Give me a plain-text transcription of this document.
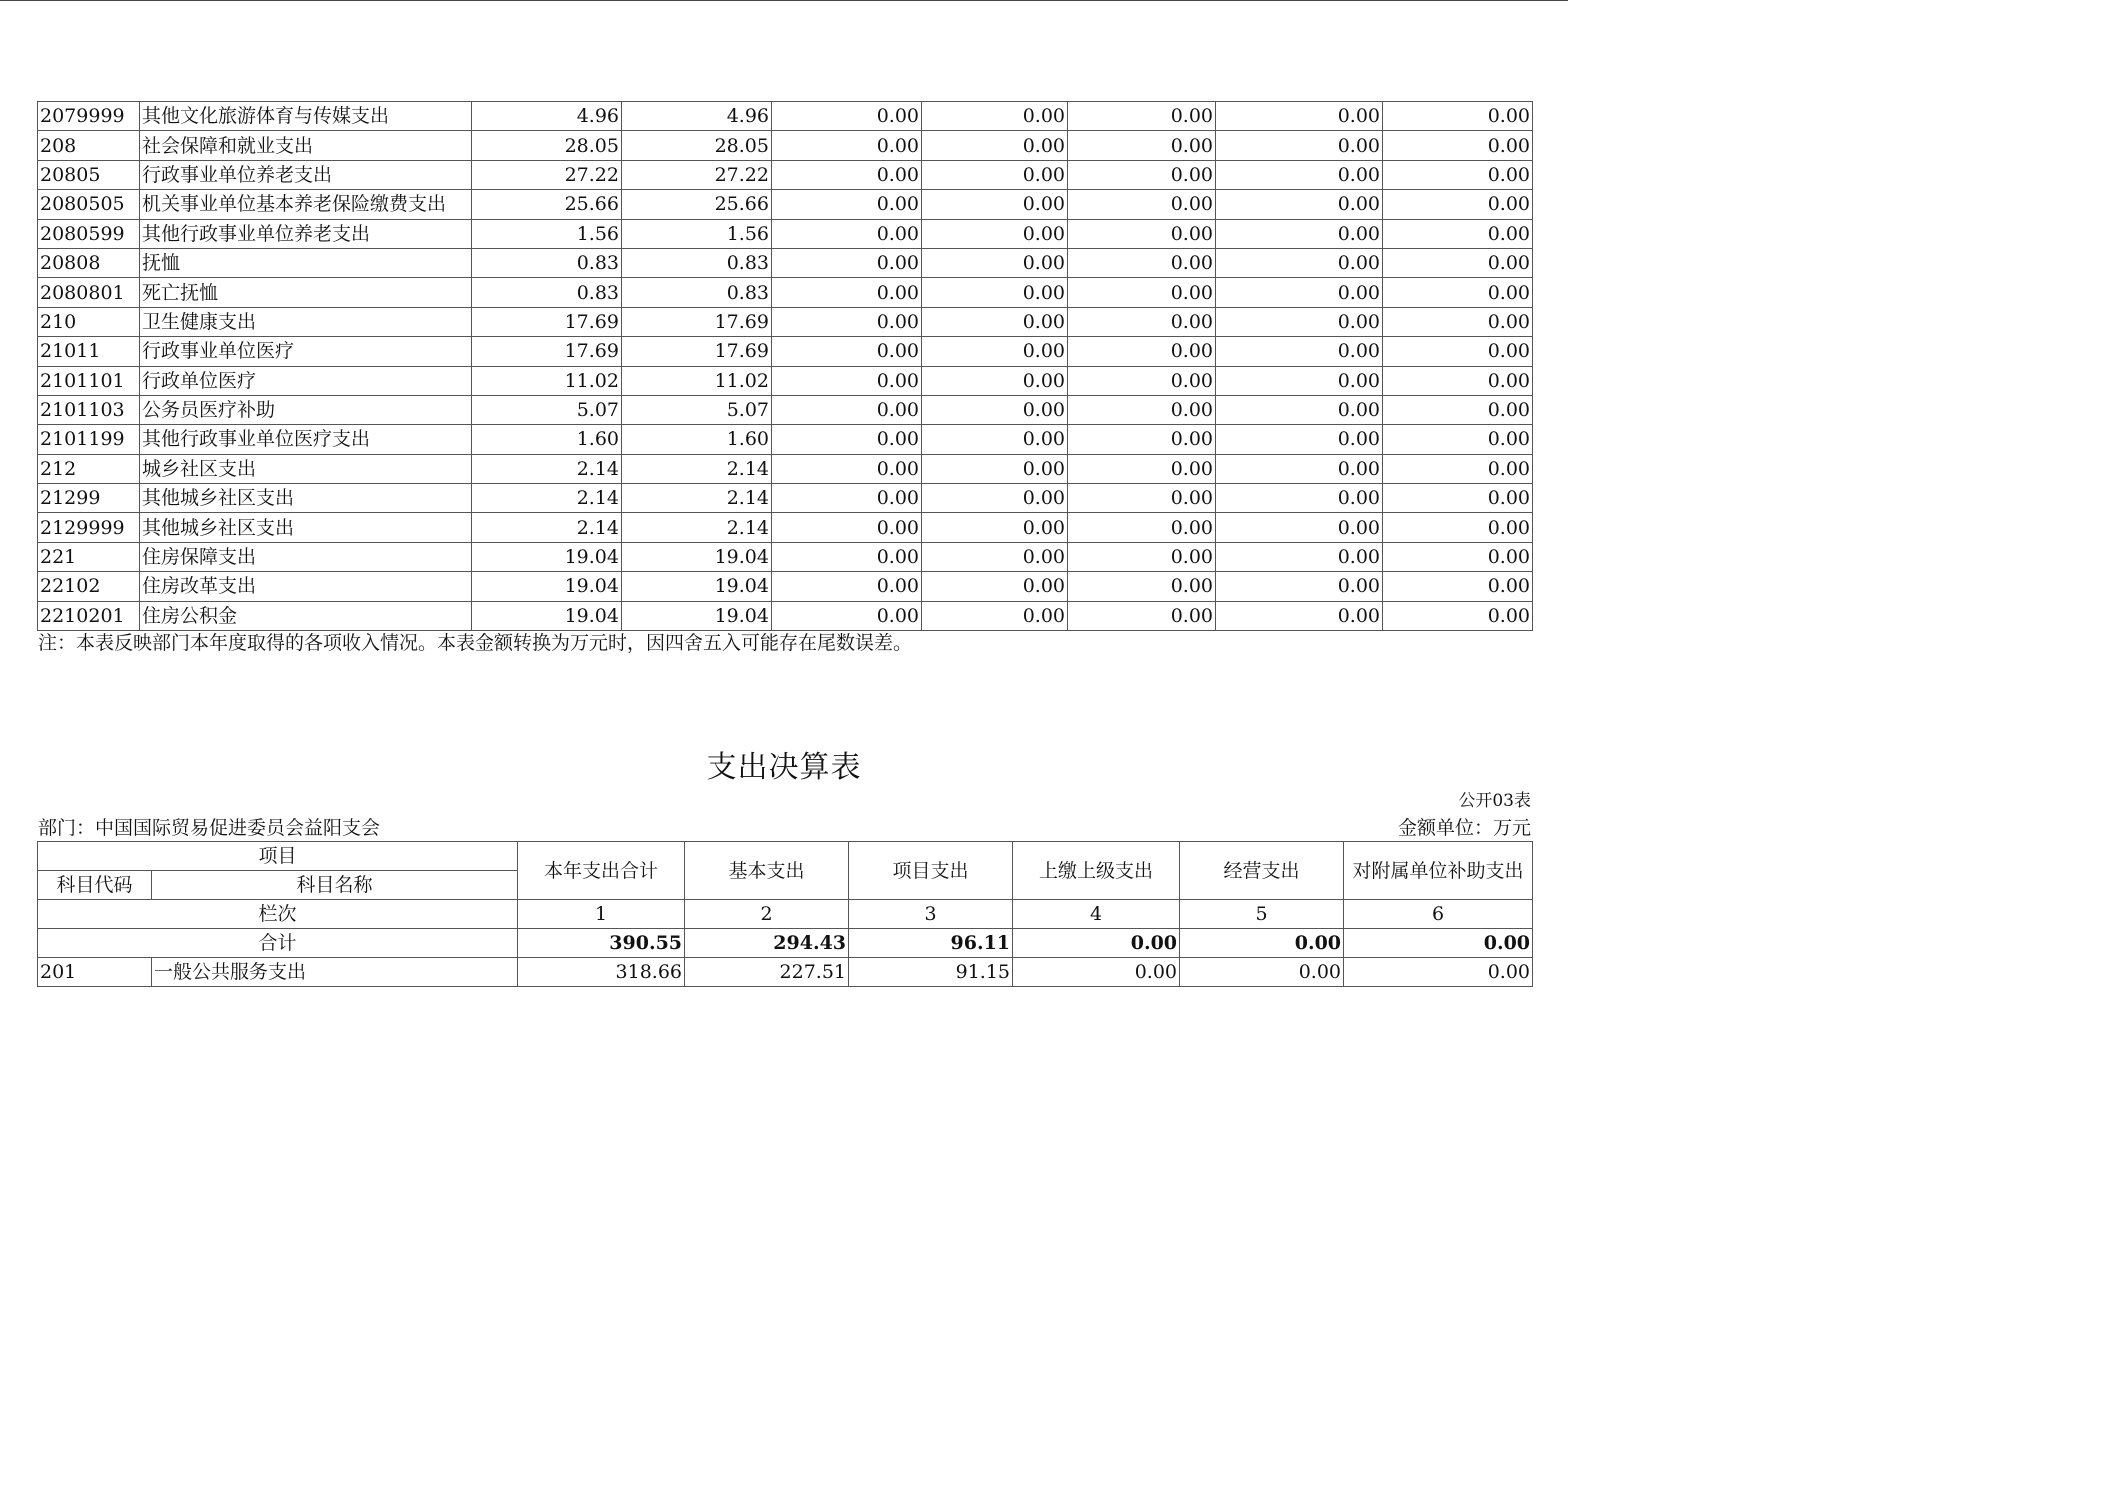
2079999	其他文化旅游体育与传媒支出	4.96	4.96	0.00	0.00	0.00	0.00	0.00
208	社会保障和就业支出	28.05	28.05	0.00	0.00	0.00	0.00	0.00
20805	行政事业单位养老支出	27.22	27.22	0.00	0.00	0.00	0.00	0.00
2080505	机关事业单位基本养老保险缴费支出	25.66	25.66	0.00	0.00	0.00	0.00	0.00
2080599	其他行政事业单位养老支出	1.56	1.56	0.00	0.00	0.00	0.00	0.00
20808	抚恤	0.83	0.83	0.00	0.00	0.00	0.00	0.00
2080801	死亡抚恤	0.83	0.83	0.00	0.00	0.00	0.00	0.00
210	卫生健康支出	17.69	17.69	0.00	0.00	0.00	0.00	0.00
21011	行政事业单位医疗	17.69	17.69	0.00	0.00	0.00	0.00	0.00
2101101	行政单位医疗	11.02	11.02	0.00	0.00	0.00	0.00	0.00
2101103	公务员医疗补助	5.07	5.07	0.00	0.00	0.00	0.00	0.00
2101199	其他行政事业单位医疗支出	1.60	1.60	0.00	0.00	0.00	0.00	0.00
212	城乡社区支出	2.14	2.14	0.00	0.00	0.00	0.00	0.00
21299	其他城乡社区支出	2.14	2.14	0.00	0.00	0.00	0.00	0.00
2129999	其他城乡社区支出	2.14	2.14	0.00	0.00	0.00	0.00	0.00
221	住房保障支出	19.04	19.04	0.00	0.00	0.00	0.00	0.00
22102	住房改革支出	19.04	19.04	0.00	0.00	0.00	0.00	0.00
2210201	住房公积金	19.04	19.04	0.00	0.00	0.00	0.00	0.00
注：本表反映部门本年度取得的各项收入情况。本表金额转换为万元时，因四舍五入可能存在尾数误差。
支出决算表
公开03表
部门：中国国际贸易促进委员会益阳支会	金额单位：万元
项目		本年支出合计	基本支出	项目支出	上缴上级支出	经营支出	对附属单位补助支出
科目代码	科目名称						
栏次		1	2	3	4	5	6
合计		390.55	294.43	96.11	0.00	0.00	0.00
201	一般公共服务支出	318.66	227.51	91.15	0.00	0.00	0.00
